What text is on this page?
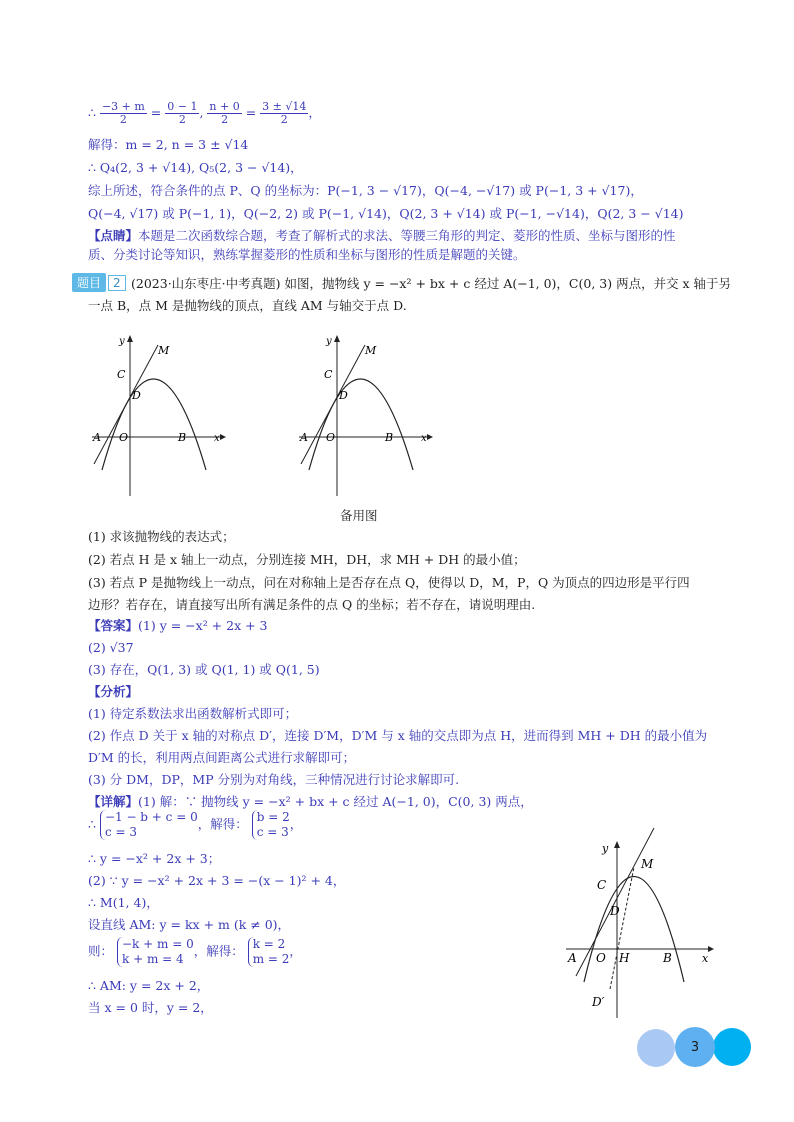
∴ $\frac{-3 + m}{2} = \frac{0 - 1}{2}$ , $\frac{n + 0}{2} = \frac{3 \pm √14}{2}$ ，
解得：m = 2, n = 3 ± √14
∴ Q₄(2, 3 + √14), Q₅(2, 3 − √14)，
综上所述，符合条件的点 P、Q 的坐标为：P(−1, 3 − √17)，Q(−4, −√17) 或 P(−1, 3 + √17)，
Q(−4, √17) 或 P(−1, 1)，Q(−2, 2) 或 P(−1, √14)，Q(2, 3 + √14) 或 P(−1, −√14)，Q(2, 3 − √14)
【点睛】本题是二次函数综合题，考查了解析式的求法、等腰三角形的判定、菱形的性质、坐标与图形的性
质、分类讨论等知识，熟练掌握菱形的性质和坐标与图形的性质是解题的关键。
题目	2 (2023·山东枣庄·中考真题) 如图，抛物线 y = −x² + bx + c 经过 A(−1, 0)，C(0, 3) 两点，并交 x 轴于另
一点 B，点 M 是抛物线的顶点，直线 AM 与轴交于点 D.
y
M
C
D
A O	B	x
y
M
C
D
A O	B	x
备用图
(1) 求该抛物线的表达式；
(2) 若点 H 是 x 轴上一动点，分别连接 MH，DH，求 MH + DH 的最小值；
(3) 若点 P 是抛物线上一动点，问在对称轴上是否存在点 Q，使得以 D，M，P，Q 为顶点的四边形是平行四
边形？若存在，请直接写出所有满足条件的点 Q 的坐标；若不存在，请说明理由.
【答案】(1) y = −x² + 2x + 3
(2) √37
(3) 存在，Q(1, 3) 或 Q(1, 1) 或 Q(1, 5)
【分析】
(1) 待定系数法求出函数解析式即可；
(2) 作点 D 关于 x 轴的对称点 D′，连接 D′M，D′M 与 x 轴的交点即为点 H，进而得到 MH + DH 的最小值为
D′M 的长，利用两点间距离公式进行求解即可；
(3) 分 DM，DP，MP 分别为对角线，三种情况进行讨论求解即可.
【详解】(1) 解：∵ 抛物线 y = −x² + bx + c 经过 A(−1, 0)，C(0, 3) 两点，
∴ −1 − b + c = 0
c = 3
，解得： b = 2
c = 3
，
∴ y = −x² + 2x + 3；
(2) ∵ y = −x² + 2x + 3 = −(x − 1)² + 4，
∴ M(1, 4)，
设直线 AM: y = kx + m (k ≠ 0)，
则： −k + m = 0
k + m = 4
，解得： k = 2
m = 2
，
∴ AM: y = 2x + 2，
当 x = 0 时，y = 2，
y
M
C
D
A O H	B	x
D′
3
